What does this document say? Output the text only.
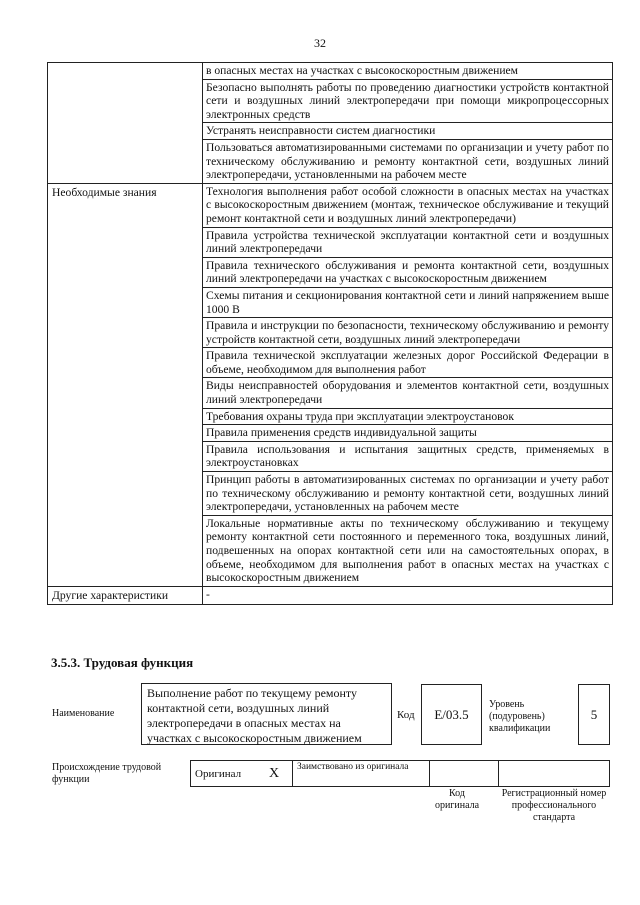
32
	в опасных местах на участках с высокоскоростным движением
	Безопасно выполнять работы по проведению диагностики устройств контактной сети и воздушных линий электропередачи при помощи микропроцессорных электронных средств
	Устранять неисправности систем диагностики
	Пользоваться автоматизированными системами по организации и учету работ по техническому обслуживанию и ремонту контактной сети, воздушных линий электропередачи, установленными на рабочем месте
Необходимые знания	Технология выполнения работ особой сложности в опасных местах на участках с высокоскоростным движением (монтаж, техническое обслуживание и текущий ремонт контактной сети и воздушных линий электропередачи)
	Правила устройства технической эксплуатации контактной сети и воздушных линий электропередачи
	Правила технического обслуживания и ремонта контактной сети, воздушных линий электропередачи на участках с высокоскоростным движением
	Схемы питания и секционирования контактной сети и линий напряжением выше 1000 В
	Правила и инструкции по безопасности, техническому обслуживанию и ремонту устройств контактной сети, воздушных линий электропередачи
	Правила технической эксплуатации железных дорог Российской Федерации в объеме, необходимом для выполнения работ
	Виды неисправностей оборудования и элементов контактной сети, воздушных линий электропередачи
	Требования охраны труда при эксплуатации электроустановок
	Правила применения средств индивидуальной защиты
	Правила использования и испытания защитных средств, применяемых в электроустановках
	Принцип работы в автоматизированных системах по организации и учету работ по техническому обслуживанию и ремонту контактной сети, воздушных линий электропередачи, установленных на рабочем месте
	Локальные нормативные акты по техническому обслуживанию и текущему ремонту контактной сети постоянного и переменного тока, воздушных линий, подвешенных на опорах контактной сети или на самостоятельных опорах, в объеме, необходимом для выполнения работ в опасных местах на участках с высокоскоростным движением
Другие характеристики	-
3.5.3. Трудовая функция
Наименование
Выполнение работ по текущему ремонту контактной сети, воздушных линий электропередачи в опасных местах на участках с высокоскоростным движением
Код	E/03.5
Уровень (подуровень) квалификации
5
Происхождение трудовой функции	Оригинал	X	Заимствовано из оригинала		
Код оригинала
Регистрационный номер профессионального стандарта
